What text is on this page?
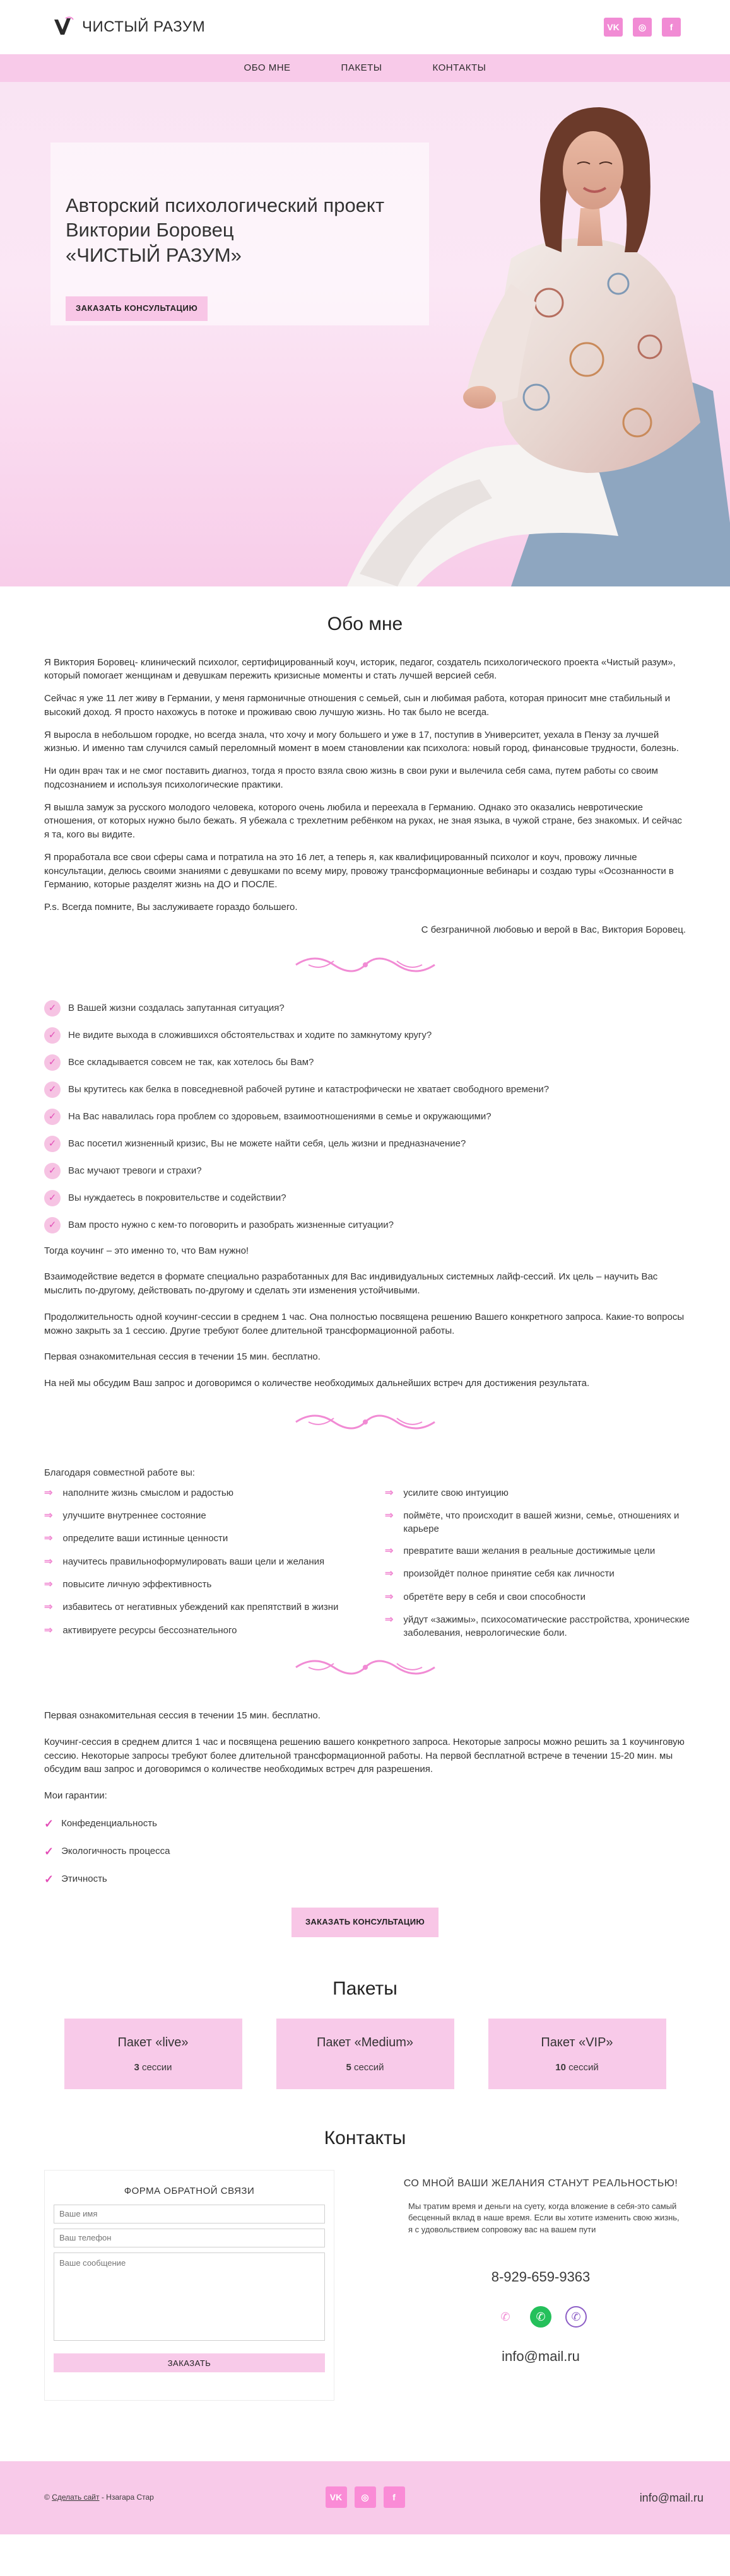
ЧИСТЫЙ РАЗУМ	VK	◎	f
ОБО МНЕ	ПАКЕТЫ	КОНТАКТЫ
Авторский психологический проект
Виктории Боровец
«ЧИСТЫЙ РАЗУМ»
ЗАКАЗАТЬ КОНСУЛЬТАЦИЮ
Обо мне

Я Виктория Боровец- клинический психолог, сертифицированный коуч, историк, педагог, создатель психологического проекта «Чистый разум», который помогает женщинам и девушкам пережить кризисные моменты и стать лучшей версией себя.

Сейчас я уже 11 лет живу в Германии, у меня гармоничные отношения с семьей, сын и любимая работа, которая приносит мне стабильный и высокий доход. Я просто нахожусь в потоке и проживаю свою лучшую жизнь. Но так было не всегда.

Я выросла в небольшом городке, но всегда знала, что хочу и могу большего и уже в 17, поступив в Университет, уехала в Пензу за лучшей жизнью. И именно там случился самый переломный момент в моем становлении как психолога: новый город, финансовые трудности, болезнь.

Ни один врач так и не смог поставить диагноз, тогда я просто взяла свою жизнь в свои руки и вылечила себя сама, путем работы со своим подсознанием и используя психологические практики.

Я вышла замуж за русского молодого человека, которого очень любила и переехала в Германию. Однако это оказались невротические отношения, от которых нужно было бежать. Я убежала с трехлетним ребёнком на руках, не зная языка, в чужой стране, без знакомых. И сейчас я та, кого вы видите.

Я проработала все свои сферы сама и потратила на это 16 лет, а теперь я, как квалифицированный психолог и коуч, провожу личные консультации, делюсь своими знаниями с девушками по всему миру, провожу трансформационные вебинары и создаю туры «Осознанности в Германию, которые разделят жизнь на ДО и ПОСЛЕ.

P.s. Всегда помните, Вы заслуживаете гораздо большего.

С безграничной любовью и верой в Вас, Виктория Боровец.

✓	В Вашей жизни создалась запутанная ситуация?
✓	Не видите выхода в сложившихся обстоятельствах и ходите по замкнутому кругу?
✓	Все складывается совсем не так, как хотелось бы Вам?
✓	Вы крутитесь как белка в повседневной рабочей рутине и катастрофически не хватает свободного времени?
✓	На Вас навалилась гора проблем со здоровьем, взаимоотношениями в семье и окружающими?
✓	Вас посетил жизненный кризис, Вы не можете найти себя, цель жизни и предназначение?
✓	Вас мучают тревоги и страхи?
✓	Вы нуждаетесь в покровительстве и содействии?
✓	Вам просто нужно с кем-то поговорить и разобрать жизненные ситуации?

Тогда коучинг – это именно то, что Вам нужно!

Взаимодействие ведется в формате специально разработанных для Вас индивидуальных системных лайф-сессий. Их цель – научить Вас мыслить по-другому, действовать по-другому и сделать эти изменения устойчивыми.

Продолжительность одной коучинг-сессии в среднем 1 час. Она полностью посвящена решению Вашего конкретного запроса. Какие-то вопросы можно закрыть за 1 сессию. Другие требуют более длительной трансформационной работы.

Первая ознакомительная сессия в течении 15 мин. бесплатно.

На ней мы обсудим Ваш запрос и договоримся о количестве необходимых дальнейших встреч для достижения результата.

Благодаря совместной работе вы:

⇒ наполните жизнь смыслом и радостью
⇒ улучшите внутреннее состояние
⇒ определите ваши истинные ценности
⇒ научитесь правильноформулировать ваши цели и желания
⇒ повысите личную эффективность
⇒ избавитесь от негативных убеждений как препятствий в жизни
⇒ активируете ресурсы бессознательного
⇒ усилите свою интуицию
⇒ поймёте, что происходит в вашей жизни, семье, отношениях и карьере
⇒ превратите ваши желания в реальные достижимые цели
⇒ произойдёт полное принятие себя как личности
⇒ обретёте веру в себя и свои способности
⇒ уйдут «зажимы», психосоматические расстройства, хронические заболевания, неврологические боли.

Первая ознакомительная сессия в течении 15 мин. бесплатно.

Коучинг-сессия в среднем длится 1 час и посвящена решению вашего конкретного запроса. Некоторые запросы можно решить за 1 коучинговую сессию. Некоторые запросы требуют более длительной трансформационной работы. На первой бесплатной встрече в течении 15-20 мин. мы обсудим ваш запрос и договоримся о количестве необходимых встреч для разрешения.

Мои гарантии:

✓ Конфеденциальность
✓ Экологичность процесса
✓ Этичность
ЗАКАЗАТЬ КОНСУЛЬТАЦИЮ
Пакеты
Пакет «live»
3 сессии
Пакет «Medium»
5 сессий
Пакет «VIP»
10 сессий
Контакты
ФОРМА ОБРАТНОЙ СВЯЗИ
Ваше имя Ваш телефон Ваше сообщение ЗАКАЗАТЬ
СО МНОЙ ВАШИ ЖЕЛАНИЯ СТАНУТ РЕАЛЬНОСТЬЮ!
Мы тратим время и деньги на суету, когда вложение в себя-это самый бесценный вклад в наше время. Если вы хотите изменить свою жизнь, я с удовольствием сопровожу вас на вашем пути
8-929-659-9363
✆	✆	✆
info@mail.ru
© Сделать сайт - Нзагара Стар	VK	◎	f	info@mail.ru
